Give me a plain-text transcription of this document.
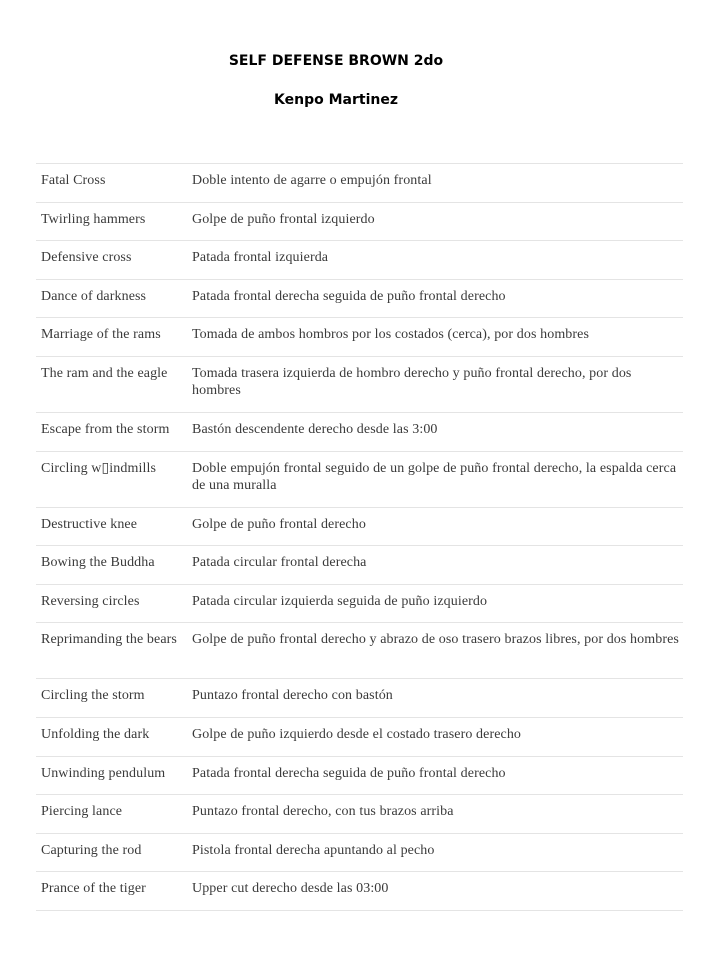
SELF DEFENSE BROWN 2do
Kenpo Martinez
Fatal Cross	Doble intento de agarre o empujón frontal
Twirling hammers	Golpe de puño frontal izquierdo
Defensive cross	Patada frontal izquierda
Dance of darkness	Patada frontal derecha seguida de puño frontal derecho
Marriage of the rams	Tomada de ambos hombros por los costados (cerca), por dos hombres
The ram and the eagle	Tomada trasera izquierda de hombro derecho y puño frontal derecho, por dos hombres
Escape from the storm	Bastón descendente derecho desde las 3:00
Circling w▯indmills	Doble empujón frontal seguido de un golpe de puño frontal derecho, la espalda cerca de una muralla
Destructive knee	Golpe de puño frontal derecho
Bowing the Buddha	Patada circular frontal derecha
Reversing circles	Patada circular izquierda seguida de puño izquierdo
Reprimanding the bears	Golpe de puño frontal derecho y abrazo de oso trasero brazos libres, por dos hombres
Circling the storm	Puntazo frontal derecho con bastón
Unfolding the dark	Golpe de puño izquierdo desde el costado trasero derecho
Unwinding pendulum	Patada frontal derecha seguida de puño frontal derecho
Piercing lance	Puntazo frontal derecho, con tus brazos arriba
Capturing the rod	Pistola frontal derecha apuntando al pecho
Prance of the tiger	Upper cut derecho desde las 03:00
